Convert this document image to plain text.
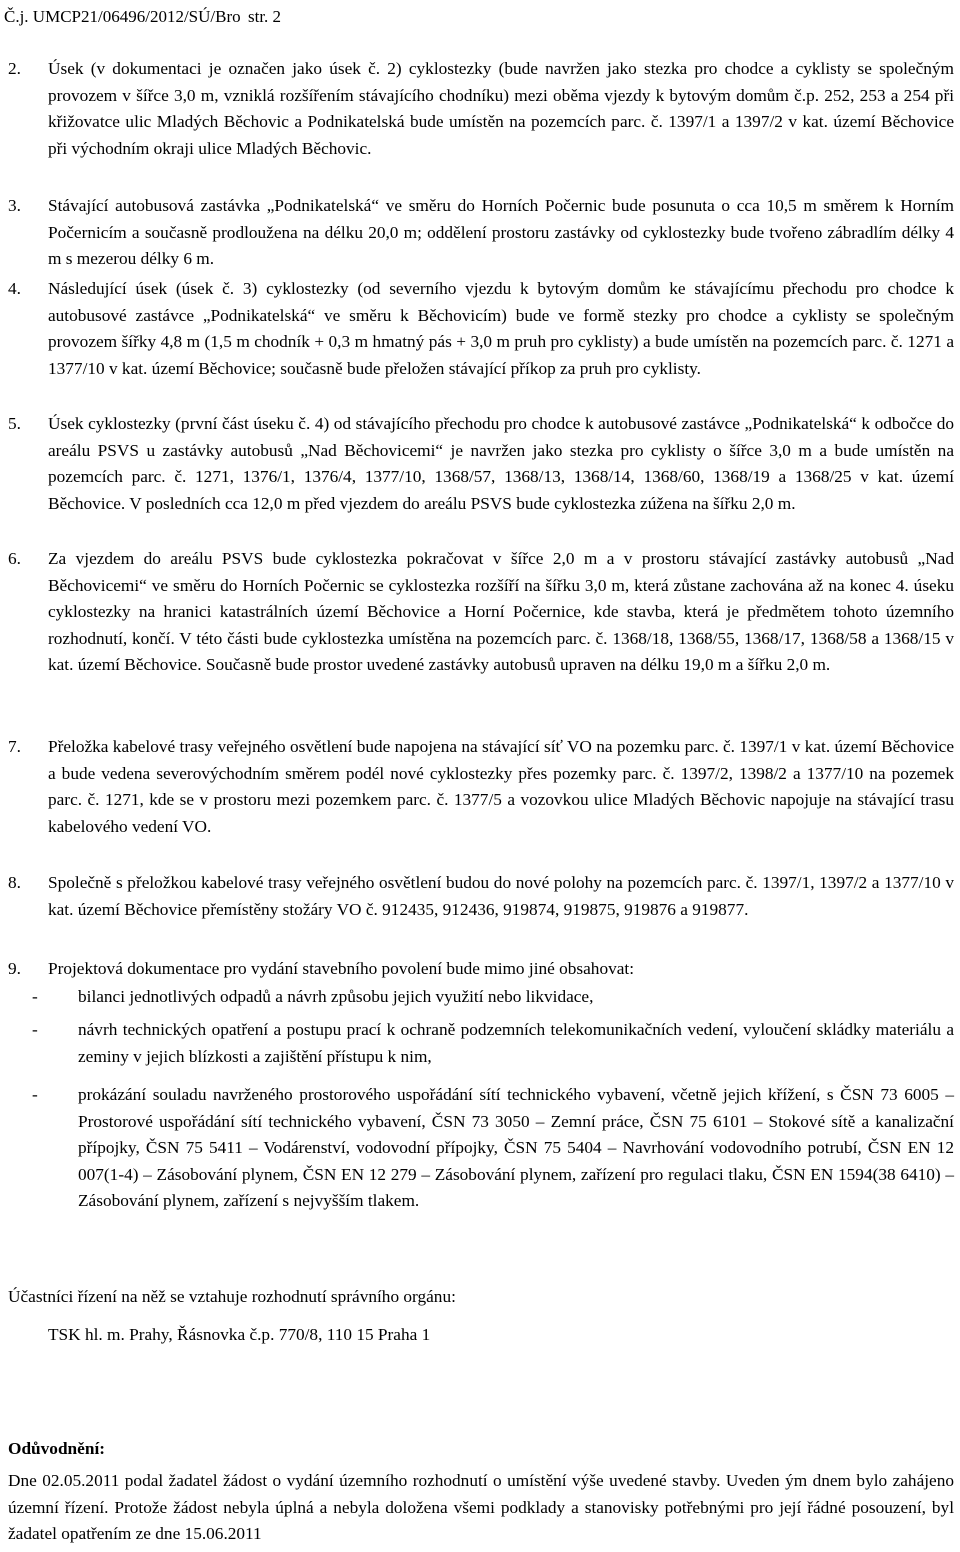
Č.j. UMCP21/06496/2012/SÚ/Bro str. 2
2.	Úsek (v dokumentaci je označen jako úsek č. 2) cyklostezky (bude navržen jako stezka pro chodce a cyklisty se společným provozem v šířce 3,0 m, vzniklá rozšířením stávajícího chodníku) mezi oběma vjezdy k bytovým domům č.p. 252, 253 a 254 při křižovatce ulic Mladých Běchovic a Podnikatelská bude umístěn na pozemcích parc. č. 1397/1 a 1397/2 v kat. území Běchovice při východním okraji ulice Mladých Běchovic.
3.	Stávající autobusová zastávka „Podnikatelská“ ve směru do Horních Počernic bude posunuta o cca 10,5 m směrem k Horním Počernicím a současně prodloužena na délku 20,0 m; oddělení prostoru zastávky od cyklostezky bude tvořeno zábradlím délky 4 m s mezerou délky 6 m.
4.	Následující úsek (úsek č. 3) cyklostezky (od severního vjezdu k bytovým domům ke stávajícímu přechodu pro chodce k autobusové zastávce „Podnikatelská“ ve směru k Běchovicím) bude ve formě stezky pro chodce a cyklisty se společným provozem šířky 4,8 m (1,5 m chodník + 0,3 m hmatný pás + 3,0 m pruh pro cyklisty) a bude umístěn na pozemcích parc. č. 1271 a 1377/10 v kat. území Běchovice; současně bude přeložen stávající příkop za pruh pro cyklisty.
5.	Úsek cyklostezky (první část úseku č. 4) od stávajícího přechodu pro chodce k autobusové zastávce „Podnikatelská“ k odbočce do areálu PSVS u zastávky autobusů „Nad Běchovicemi“ je navržen jako stezka pro cyklisty o šířce 3,0 m a bude umístěn na pozemcích parc. č. 1271, 1376/1, 1376/4, 1377/10, 1368/57, 1368/13, 1368/14, 1368/60, 1368/19 a 1368/25 v kat. území Běchovice. V posledních cca 12,0 m před vjezdem do areálu PSVS bude cyklostezka zúžena na šířku 2,0 m.
6.	Za vjezdem do areálu PSVS bude cyklostezka pokračovat v šířce 2,0 m a v prostoru stávající zastávky autobusů „Nad Běchovicemi“ ve směru do Horních Počernic se cyklostezka rozšíří na šířku 3,0 m, která zůstane zachována až na konec 4. úseku cyklostezky na hranici katastrálních území Běchovice a Horní Počernice, kde stavba, která je předmětem tohoto územního rozhodnutí, končí. V této části bude cyklostezka umístěna na pozemcích parc. č. 1368/18, 1368/55, 1368/17, 1368/58 a 1368/15 v kat. území Běchovice. Současně bude prostor uvedené zastávky autobusů upraven na délku 19,0 m a šířku 2,0 m.
7.	Přeložka kabelové trasy veřejného osvětlení bude napojena na stávající síť VO na pozemku parc. č. 1397/1 v kat. území Běchovice a bude vedena severovýchodním směrem podél nové cyklostezky přes pozemky parc. č. 1397/2, 1398/2 a 1377/10 na pozemek parc. č. 1271, kde se v prostoru mezi pozemkem parc. č. 1377/5 a vozovkou ulice Mladých Běchovic napojuje na stávající trasu kabelového vedení VO.
8.	Společně s přeložkou kabelové trasy veřejného osvětlení budou do nové polohy na pozemcích parc. č. 1397/1, 1397/2 a 1377/10 v kat. území Běchovice přemístěny stožáry VO č. 912435, 912436, 919874, 919875, 919876 a 919877.
9.	Projektová dokumentace pro vydání stavebního povolení bude mimo jiné obsahovat:
- bilanci jednotlivých odpadů a návrh způsobu jejich využití nebo likvidace,
- návrh technických opatření a postupu prací k ochraně podzemních telekomunikačních vedení, vyloučení skládky materiálu a zeminy v jejich blízkosti a zajištění přístupu k nim,
- prokázání souladu navrženého prostorového uspořádání sítí technického vybavení, včetně jejich křížení, s ČSN 73 6005 – Prostorové uspořádání sítí technického vybavení, ČSN 73 3050 – Zemní práce, ČSN 75 6101 – Stokové sítě a kanalizační přípojky, ČSN 75 5411 – Vodárenství, vodovodní přípojky, ČSN 75 5404 – Navrhování vodovodního potrubí, ČSN EN 12 007(1-4) – Zásobování plynem, ČSN EN 12 279 – Zásobování plynem, zařízení pro regulaci tlaku, ČSN EN 1594(38 6410) – Zásobování plynem, zařízení s nejvyšším tlakem.
Účastníci řízení na něž se vztahuje rozhodnutí správního orgánu:
TSK hl. m. Prahy, Řásnovka č.p. 770/8, 110 15 Praha 1
Odůvodnění:
Dne 02.05.2011 podal žadatel žádost o vydání územního rozhodnutí o umístění výše uvedené stavby. Uveden ým dnem bylo zahájeno územní řízení. Protože žádost nebyla úplná a nebyla doložena všemi podklady a stanovisky potřebnými pro její řádné posouzení, byl žadatel opatřením ze dne 15.06.2011
